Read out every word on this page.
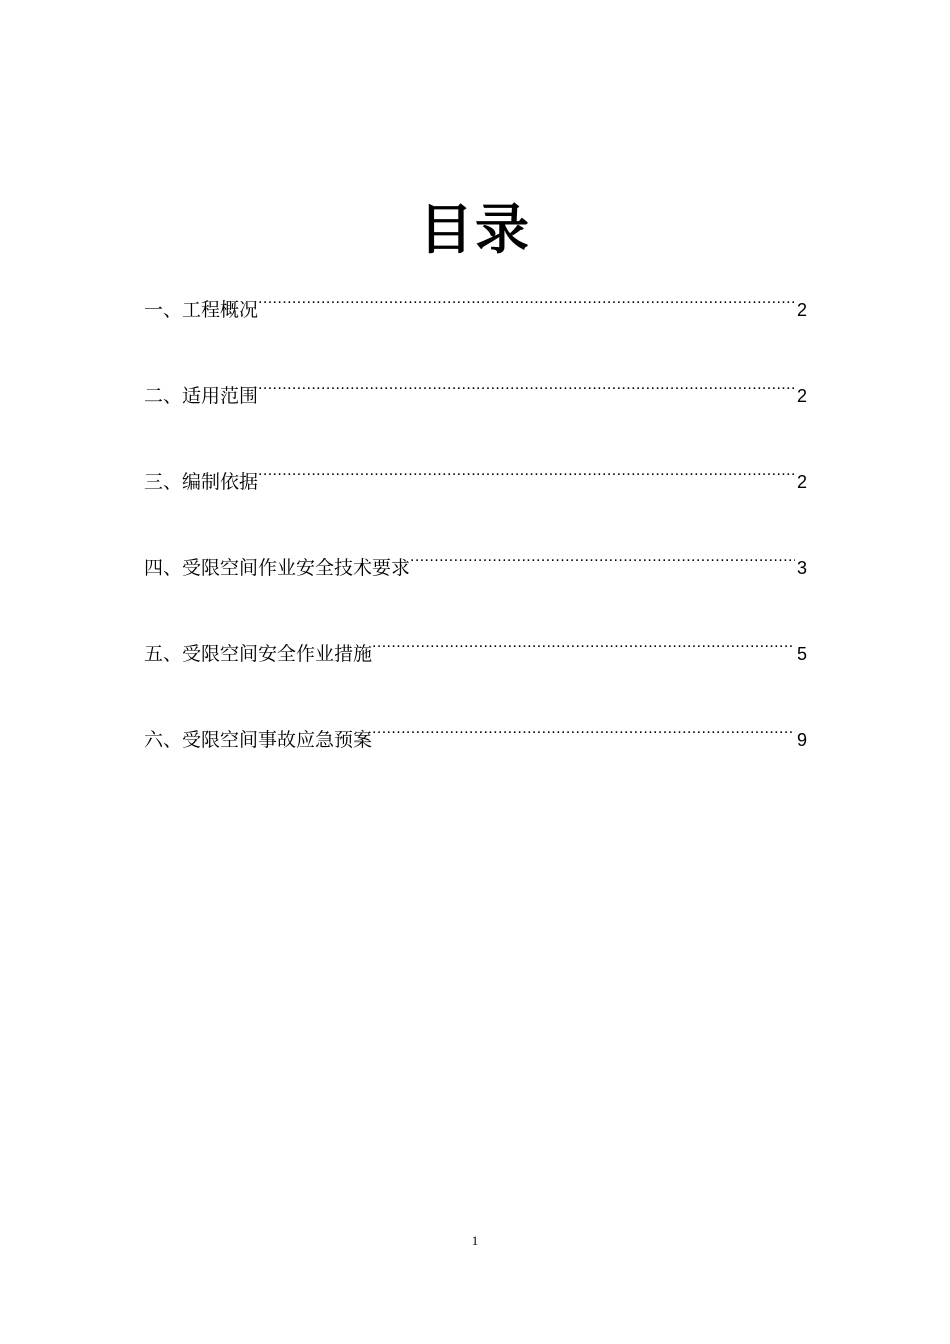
目录
一、工程概况 .....	2
二、适用范围 .....	2
三、编制依据 .....	2
四、受限空间作业安全技术要求 .....	3
五、受限空间安全作业措施 .....	5
六、受限空间事故应急预案 .....	9
1
